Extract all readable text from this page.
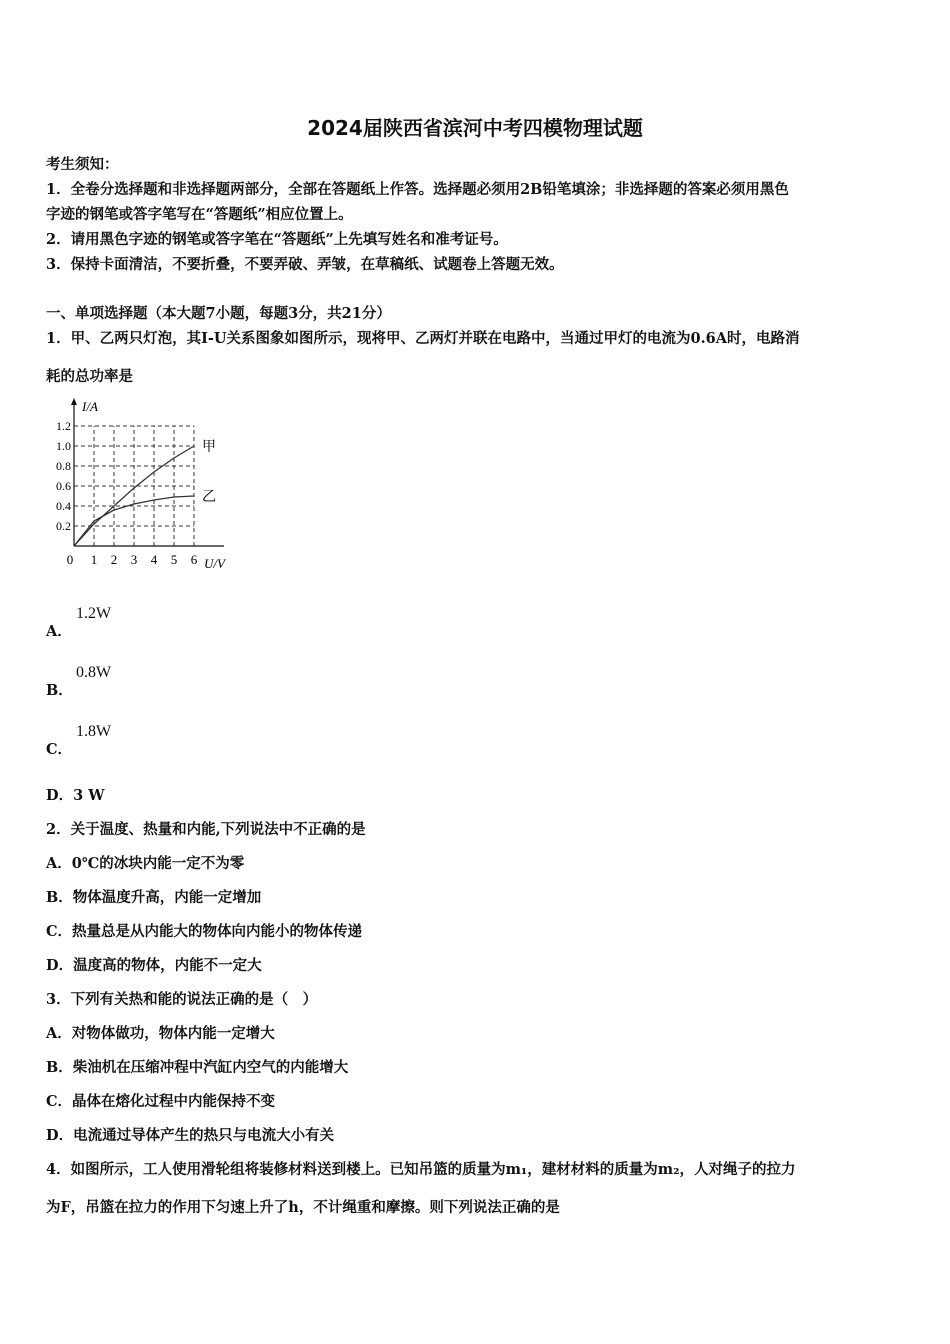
2024届陕西省滨河中考四模物理试题
考生须知：
1．全卷分选择题和非选择题两部分，全部在答题纸上作答。选择题必须用2B铅笔填涂；非选择题的答案必须用黑色
字迹的钢笔或答字笔写在“答题纸”相应位置上。
2．请用黑色字迹的钢笔或答字笔在“答题纸”上先填写姓名和准考证号。
3．保持卡面清洁，不要折叠，不要弄破、弄皱，在草稿纸、试题卷上答题无效。
一、单项选择题（本大题7小题，每题3分，共21分）
1．甲、乙两只灯泡，其I-U关系图象如图所示，现将甲、乙两灯并联在电路中，当通过甲灯的电流为0.6A时，电路消
耗的总功率是
0 1 2 3 4 5 6
0.2
0.4
0.6
0.8
1.0
1.2
U/V
I/A
甲
乙
A．
1.2W
B．
0.8W
C．
1.8W
D．3 W
2．关于温度、热量和内能,下列说法中不正确的是
A．0℃的冰块内能一定不为零
B．物体温度升高，内能一定增加
C．热量总是从内能大的物体向内能小的物体传递
D．温度高的物体，内能不一定大
3．下列有关热和能的说法正确的是（　）
A．对物体做功，物体内能一定增大
B．柴油机在压缩冲程中汽缸内空气的内能增大
C．晶体在熔化过程中内能保持不变
D．电流通过导体产生的热只与电流大小有关
4．如图所示，工人使用滑轮组将装修材料送到楼上。已知吊篮的质量为m₁，建材材料的质量为m₂，人对绳子的拉力
为F，吊篮在拉力的作用下匀速上升了h，不计绳重和摩擦。则下列说法正确的是
